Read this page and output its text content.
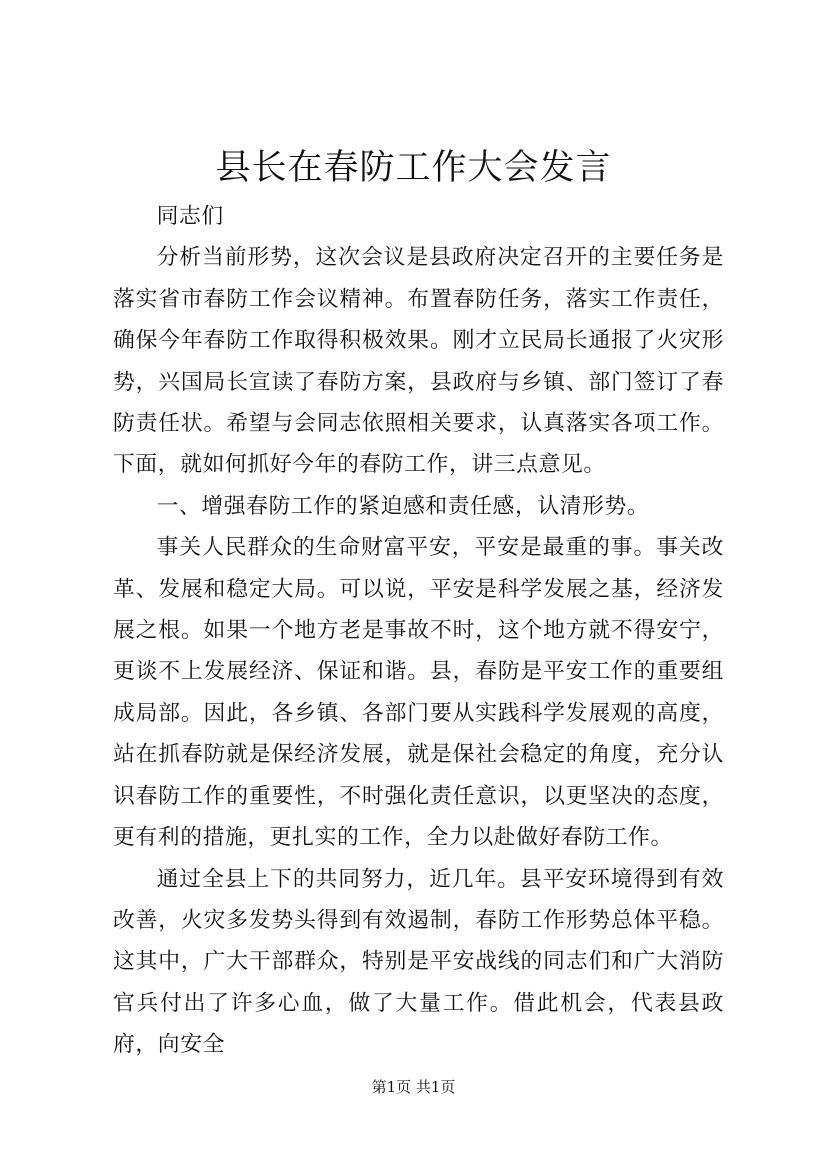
县长在春防工作大会发言

同志们

分析当前形势，这次会议是县政府决定召开的主要任务是落实省市春防工作会议精神。布置春防任务，落实工作责任，确保今年春防工作取得积极效果。刚才立民局长通报了火灾形势，兴国局长宣读了春防方案，县政府与乡镇、部门签订了春防责任状。希望与会同志依照相关要求，认真落实各项工作。下面，就如何抓好今年的春防工作，讲三点意见。

一、增强春防工作的紧迫感和责任感，认清形势。

事关人民群众的生命财富平安，平安是最重的事。事关改革、发展和稳定大局。可以说，平安是科学发展之基，经济发展之根。如果一个地方老是事故不时，这个地方就不得安宁，更谈不上发展经济、保证和谐。县，春防是平安工作的重要组成局部。因此，各乡镇、各部门要从实践科学发展观的高度，站在抓春防就是保经济发展，就是保社会稳定的角度，充分认识春防工作的重要性，不时强化责任意识，以更坚决的态度，更有利的措施，更扎实的工作，全力以赴做好春防工作。

通过全县上下的共同努力，近几年。县平安环境得到有效改善，火灾多发势头得到有效遏制，春防工作形势总体平稳。这其中，广大干部群众，特别是平安战线的同志们和广大消防官兵付出了许多心血，做了大量工作。借此机会，代表县政府，向安全

第1页 共1页
